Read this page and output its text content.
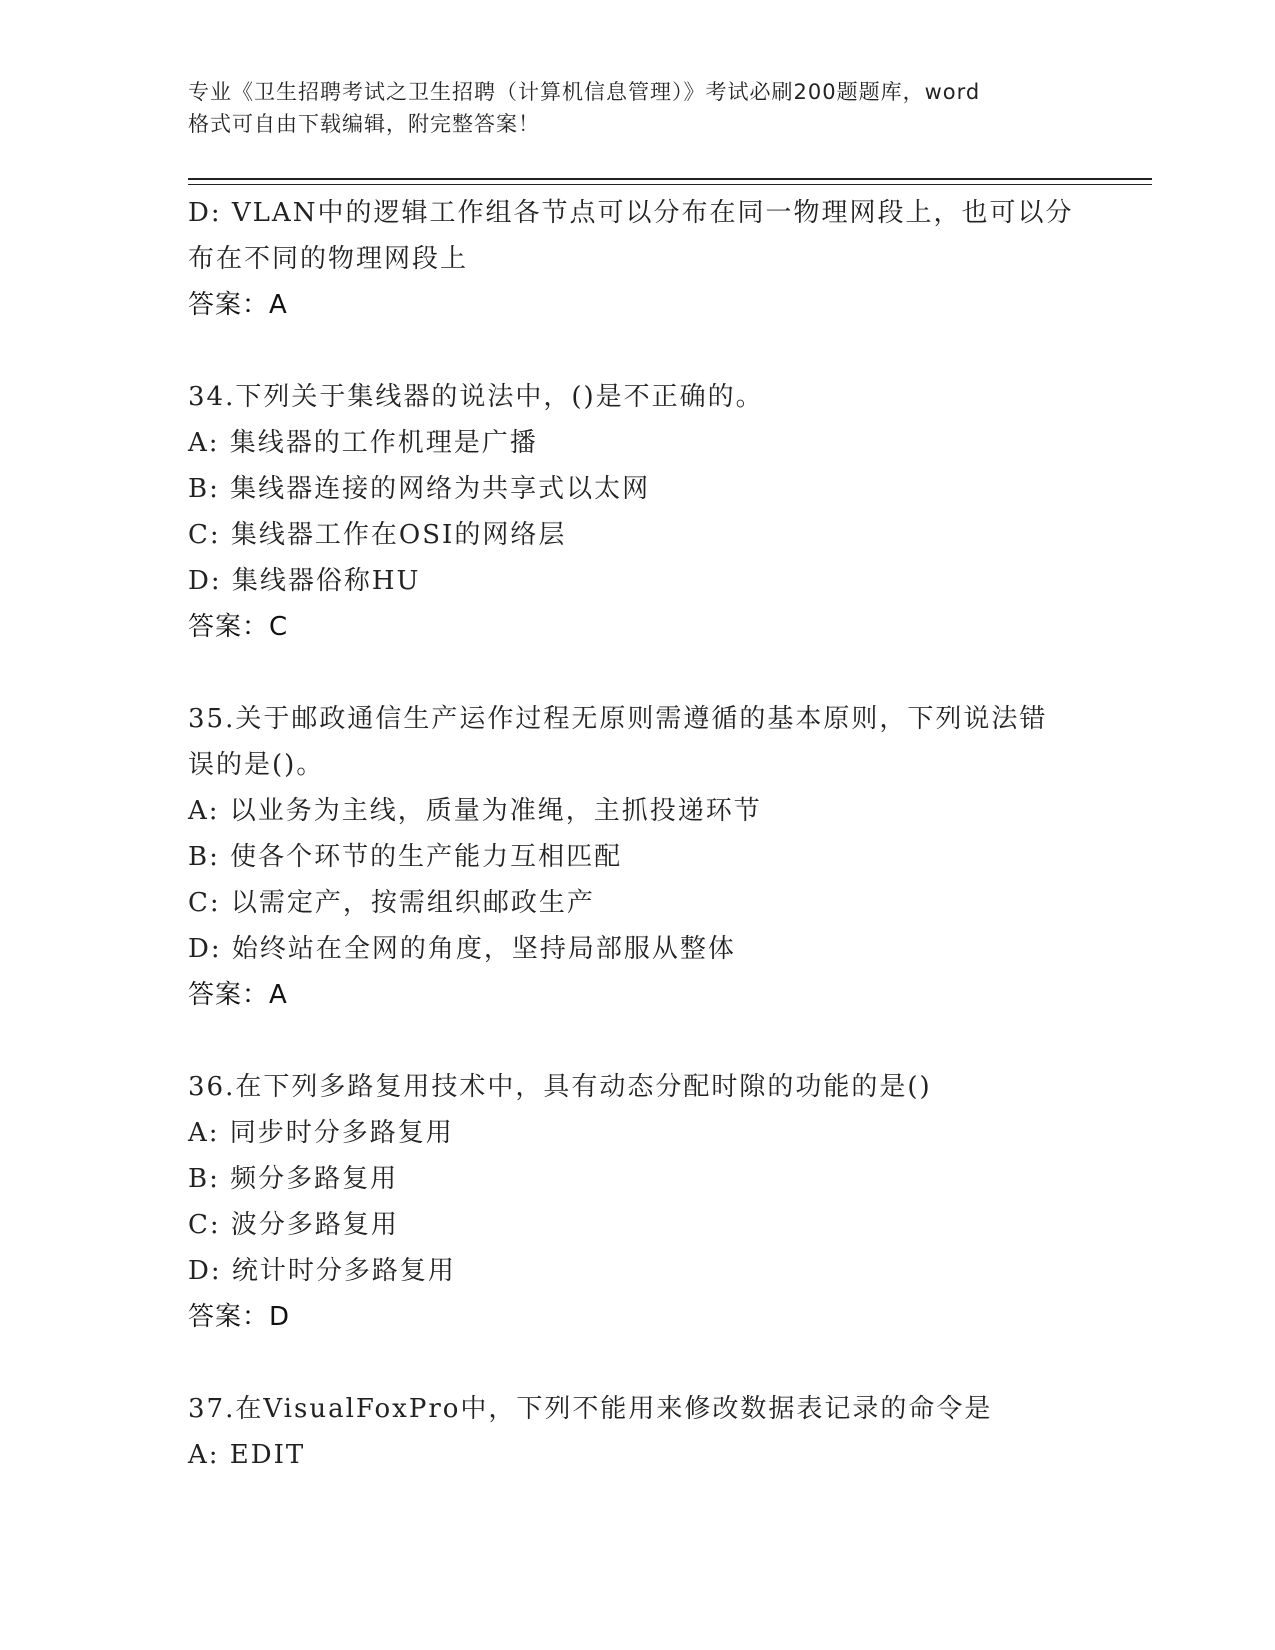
专业《卫生招聘考试之卫生招聘（计算机信息管理）》考试必刷200题题库，word
格式可自由下载编辑，附完整答案！
D: VLAN中的逻辑工作组各节点可以分布在同一物理网段上，也可以分
布在不同的物理网段上
答案：A
34.下列关于集线器的说法中，()是不正确的。
A: 集线器的工作机理是广播
B: 集线器连接的网络为共享式以太网
C: 集线器工作在OSI的网络层
D: 集线器俗称HU
答案：C
35.关于邮政通信生产运作过程无原则需遵循的基本原则，下列说法错
误的是()。
A: 以业务为主线，质量为准绳，主抓投递环节
B: 使各个环节的生产能力互相匹配
C: 以需定产，按需组织邮政生产
D: 始终站在全网的角度，坚持局部服从整体
答案：A
36.在下列多路复用技术中，具有动态分配时隙的功能的是()
A: 同步时分多路复用
B: 频分多路复用
C: 波分多路复用
D: 统计时分多路复用
答案：D
37.在VisualFoxPro中，下列不能用来修改数据表记录的命令是
A: EDIT
